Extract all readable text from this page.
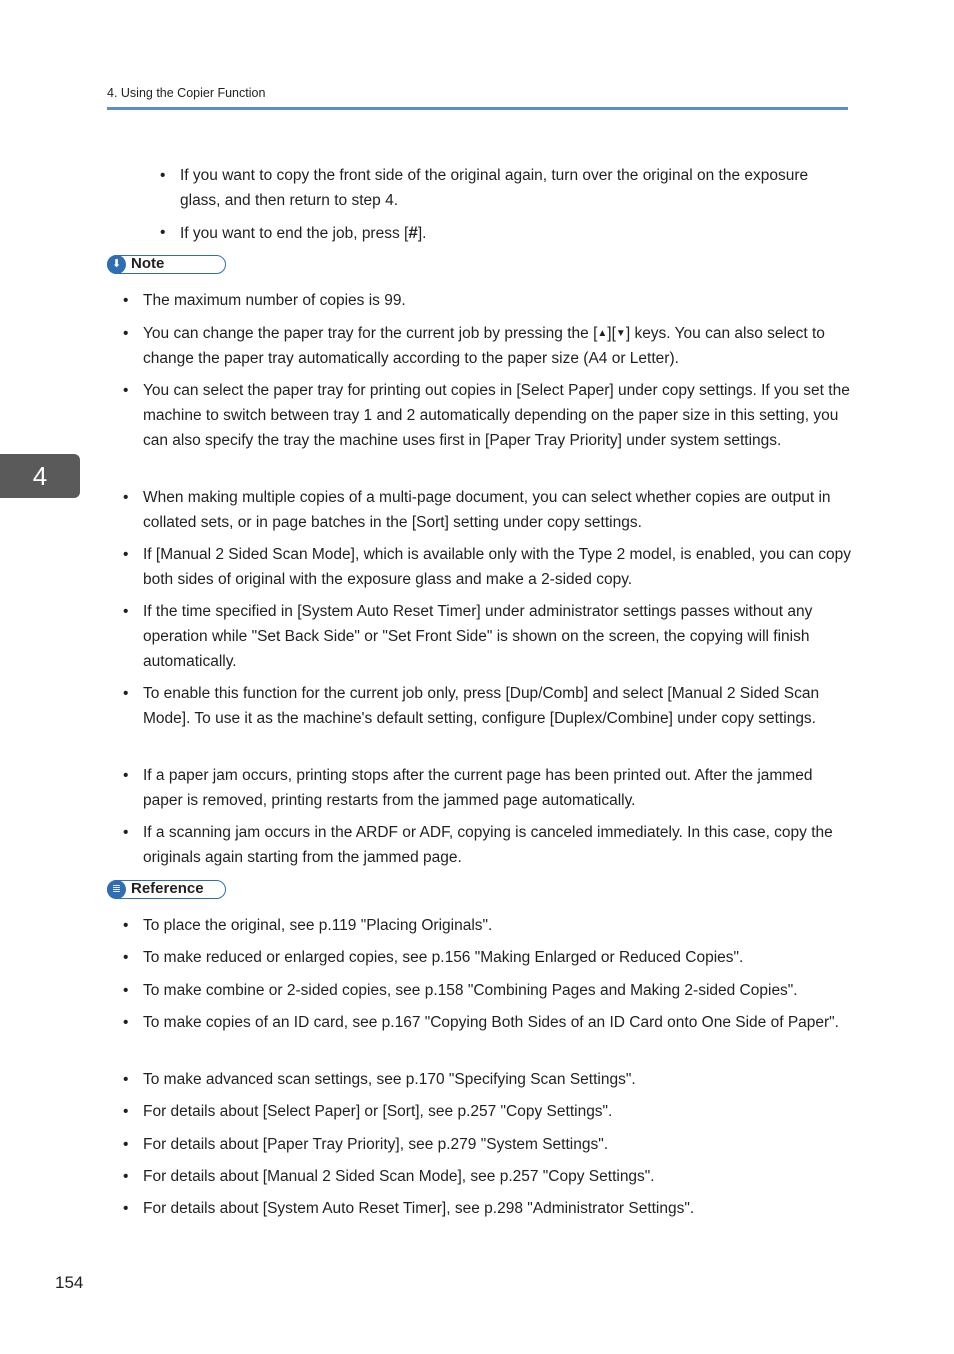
4. Using the Copier Function
4
• If you want to copy the front side of the original again, turn over the original on the exposure glass, and then return to step 4.
• If you want to end the job, press [#].
⬇ Note
• The maximum number of copies is 99.
• You can change the paper tray for the current job by pressing the [▲][▼] keys. You can also select to change the paper tray automatically according to the paper size (A4 or Letter).
• You can select the paper tray for printing out copies in [Select Paper] under copy settings. If you set the machine to switch between tray 1 and 2 automatically depending on the paper size in this setting, you can also specify the tray the machine uses first in [Paper Tray Priority] under system settings.
• When making multiple copies of a multi-page document, you can select whether copies are output in collated sets, or in page batches in the [Sort] setting under copy settings.
• If [Manual 2 Sided Scan Mode], which is available only with the Type 2 model, is enabled, you can copy both sides of original with the exposure glass and make a 2-sided copy.
• If the time specified in [System Auto Reset Timer] under administrator settings passes without any operation while "Set Back Side" or "Set Front Side" is shown on the screen, the copying will finish automatically.
• To enable this function for the current job only, press [Dup/Comb] and select [Manual 2 Sided Scan Mode]. To use it as the machine's default setting, configure [Duplex/Combine] under copy settings.
• If a paper jam occurs, printing stops after the current page has been printed out. After the jammed paper is removed, printing restarts from the jammed page automatically.
• If a scanning jam occurs in the ARDF or ADF, copying is canceled immediately. In this case, copy the originals again starting from the jammed page.
≣ Reference
• To place the original, see p.119 "Placing Originals".
• To make reduced or enlarged copies, see p.156 "Making Enlarged or Reduced Copies".
• To make combine or 2-sided copies, see p.158 "Combining Pages and Making 2-sided Copies".
• To make copies of an ID card, see p.167 "Copying Both Sides of an ID Card onto One Side of Paper".
• To make advanced scan settings, see p.170 "Specifying Scan Settings".
• For details about [Select Paper] or [Sort], see p.257 "Copy Settings".
• For details about [Paper Tray Priority], see p.279 "System Settings".
• For details about [Manual 2 Sided Scan Mode], see p.257 "Copy Settings".
• For details about [System Auto Reset Timer], see p.298 "Administrator Settings".
154
